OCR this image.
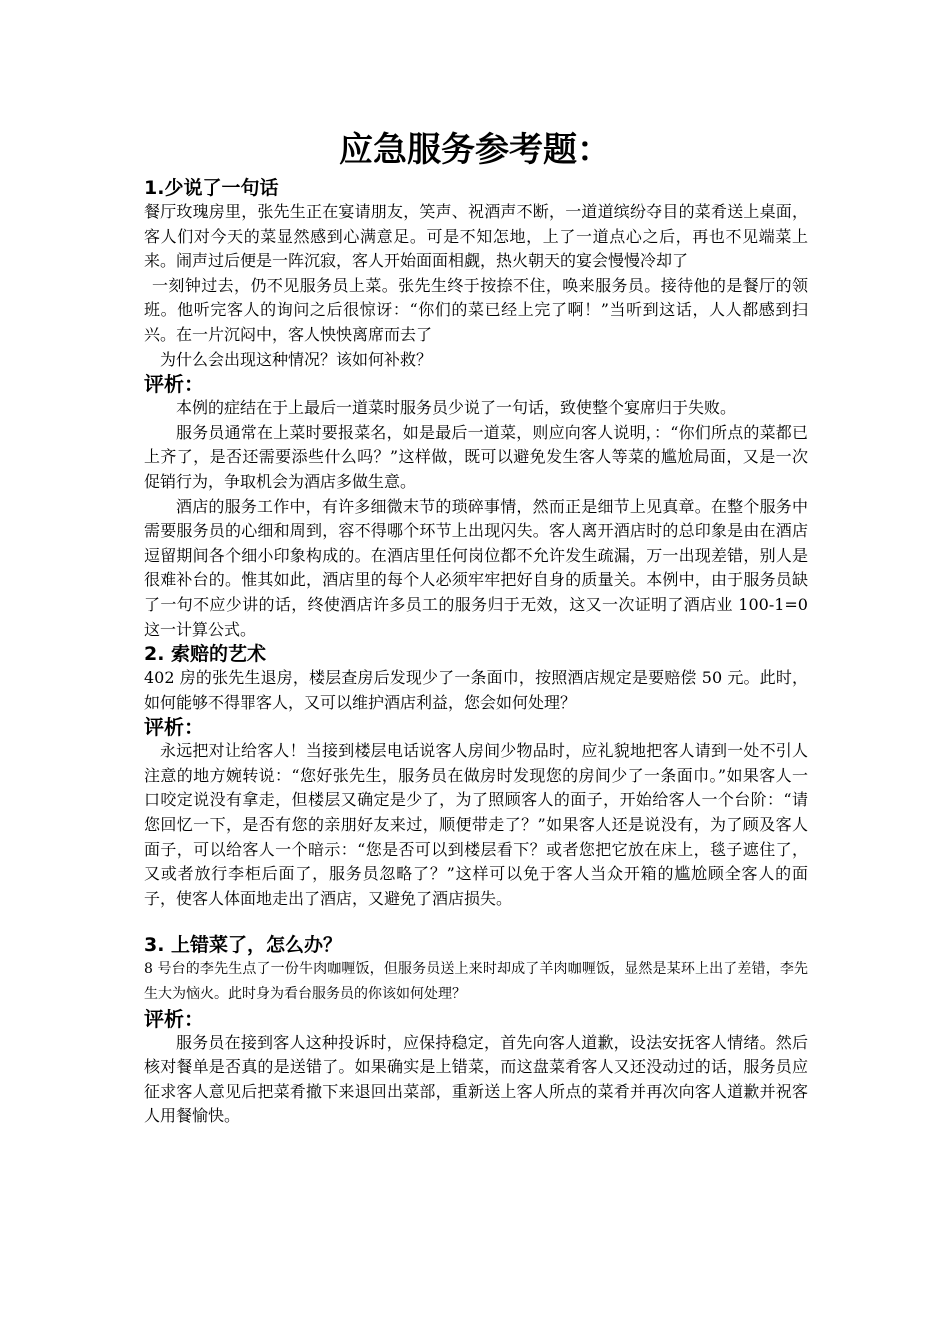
应急服务参考题：
1.少说了一句话

餐厅玫瑰房里，张先生正在宴请朋友，笑声、祝酒声不断，一道道缤纷夺目的菜肴送上桌面，客人们对今天的菜显然感到心满意足。可是不知怎地，上了一道点心之后，再也不见端菜上来。闹声过后便是一阵沉寂，客人开始面面相觑，热火朝天的宴会慢慢冷却了

一刻钟过去，仍不见服务员上菜。张先生终于按捺不住，唤来服务员。接待他的是餐厅的领班。他听完客人的询问之后很惊讶：“你们的菜已经上完了啊！”当听到这话，人人都感到扫兴。在一片沉闷中，客人怏怏离席而去了

为什么会出现这种情况？该如何补救？

评析：

本例的症结在于上最后一道菜时服务员少说了一句话，致使整个宴席归于失败。

服务员通常在上菜时要报菜名，如是最后一道菜，则应向客人说明，：“你们所点的菜都已上齐了，是否还需要添些什么吗？”这样做，既可以避免发生客人等菜的尴尬局面，又是一次促销行为，争取机会为酒店多做生意。

酒店的服务工作中，有许多细微末节的琐碎事情，然而正是细节上见真章。在整个服务中需要服务员的心细和周到，容不得哪个环节上出现闪失。客人离开酒店时的总印象是由在酒店逗留期间各个细小印象构成的。在酒店里任何岗位都不允许发生疏漏，万一出现差错，别人是很难补台的。惟其如此，酒店里的每个人必须牢牢把好自身的质量关。本例中，由于服务员缺了一句不应少讲的话，终使酒店许多员工的服务归于无效，这又一次证明了酒店业 100-1=0 这一计算公式。

2. 索赔的艺术

402 房的张先生退房，楼层查房后发现少了一条面巾，按照酒店规定是要赔偿 50 元。此时，如何能够不得罪客人，又可以维护酒店利益，您会如何处理？

评析：

永远把对让给客人！当接到楼层电话说客人房间少物品时，应礼貌地把客人请到一处不引人注意的地方婉转说：“您好张先生，服务员在做房时发现您的房间少了一条面巾。”如果客人一口咬定说没有拿走，但楼层又确定是少了，为了照顾客人的面子，开始给客人一个台阶：“请您回忆一下，是否有您的亲朋好友来过，顺便带走了？”如果客人还是说没有，为了顾及客人面子，可以给客人一个暗示：“您是否可以到楼层看下？或者您把它放在床上，毯子遮住了，又或者放行李柜后面了，服务员忽略了？”这样可以免于客人当众开箱的尴尬顾全客人的面子，使客人体面地走出了酒店，又避免了酒店损失。

3. 上错菜了，怎么办？

8 号台的李先生点了一份牛肉咖喱饭，但服务员送上来时却成了羊肉咖喱饭，显然是某环上出了差错，李先生大为恼火。此时身为看台服务员的你该如何处理？

评析：

服务员在接到客人这种投诉时，应保持稳定，首先向客人道歉，设法安抚客人情绪。然后核对餐单是否真的是送错了。如果确实是上错菜，而这盘菜肴客人又还没动过的话，服务员应征求客人意见后把菜肴撤下来退回出菜部，重新送上客人所点的菜肴并再次向客人道歉并祝客人用餐愉快。
